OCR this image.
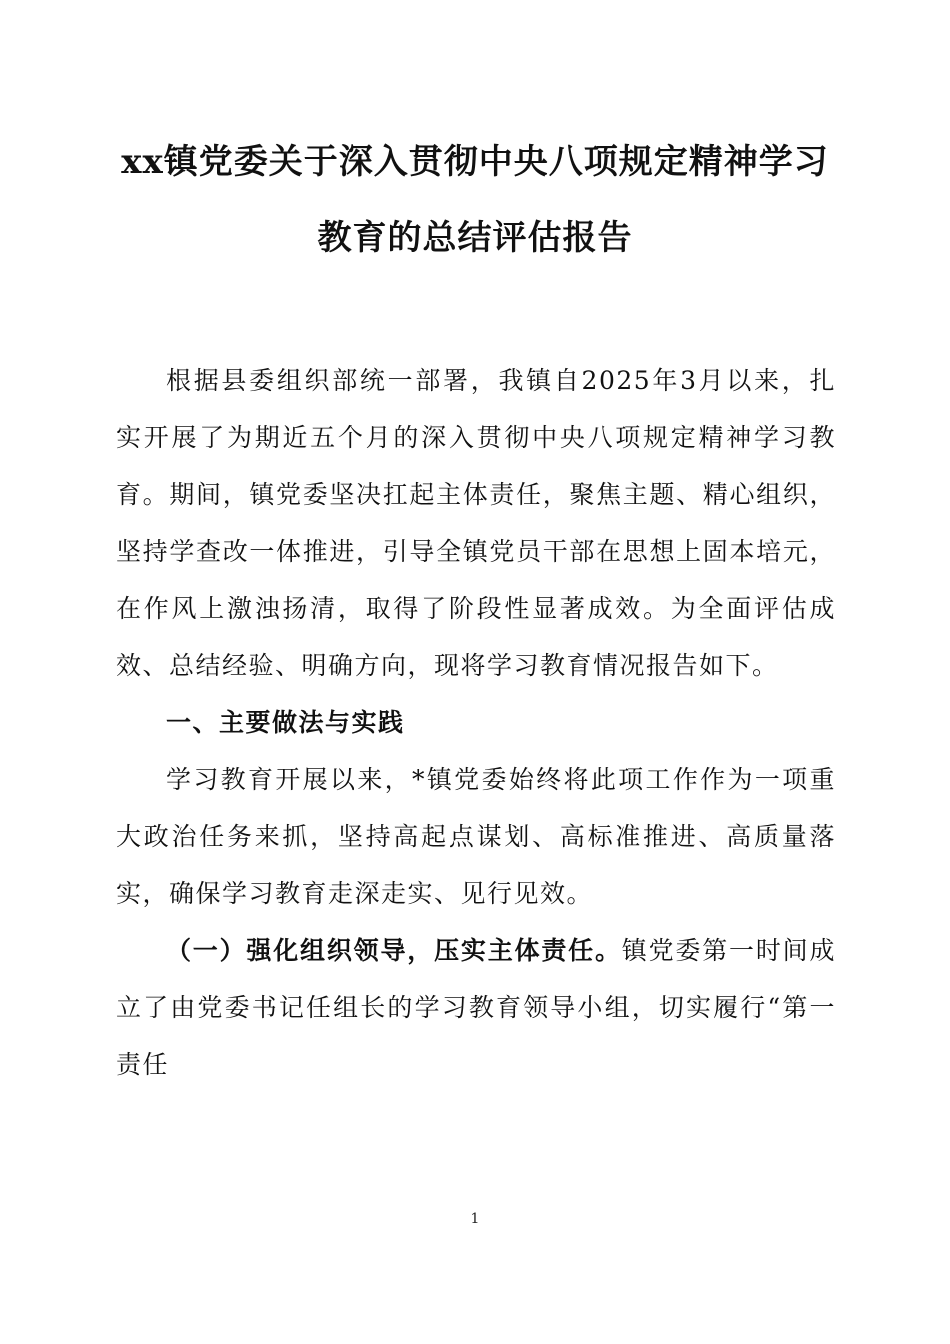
xx镇党委关于深入贯彻中央八项规定精神学习
教育的总结评估报告

根据县委组织部统一部署，我镇自2025年3月以来，扎实开展了为期近五个月的深入贯彻中央八项规定精神学习教育。期间，镇党委坚决扛起主体责任，聚焦主题、精心组织，坚持学查改一体推进，引导全镇党员干部在思想上固本培元，在作风上激浊扬清，取得了阶段性显著成效。为全面评估成效、总结经验、明确方向，现将学习教育情况报告如下。

一、主要做法与实践

学习教育开展以来，*镇党委始终将此项工作作为一项重大政治任务来抓，坚持高起点谋划、高标准推进、高质量落实，确保学习教育走深走实、见行见效。

（一）强化组织领导，压实主体责任。镇党委第一时间成立了由党委书记任组长的学习教育领导小组，切实履行“第一责任

1
